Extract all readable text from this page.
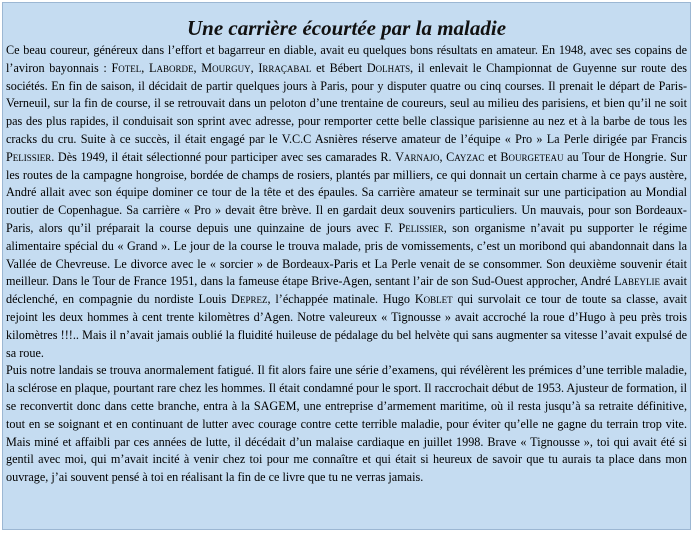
Une carrière écourtée par la maladie

Ce beau coureur, généreux dans l’effort et bagarreur en diable, avait eu quelques bons résultats en amateur. En 1948, avec ses copains de l’aviron bayonnais : Fotel, Laborde, Mourguy, Irraçabal et Bébert Dolhats, il enlevait le Championnat de Guyenne sur route des sociétés. En fin de saison, il décidait de partir quelques jours à Paris, pour y disputer quatre ou cinq courses. Il prenait le départ de Paris-Verneuil, sur la fin de course, il se retrouvait dans un peloton d’une trentaine de coureurs, seul au milieu des parisiens, et bien qu’il ne soit pas des plus rapides, il conduisait son sprint avec adresse, pour remporter cette belle classique parisienne au nez et à la barbe de tous les cracks du cru. Suite à ce succès, il était engagé par le V.C.C Asnières réserve amateur de l’équipe « Pro » La Perle dirigée par Francis Pelissier. Dès 1949, il était sélectionné pour participer avec ses camarades R. Varnajo, Cayzac et Bourgeteau au Tour de Hongrie. Sur les routes de la campagne hongroise, bordée de champs de rosiers, plantés par milliers, ce qui donnait un certain charme à ce pays austère, André allait avec son équipe dominer ce tour de la tête et des épaules. Sa carrière amateur se terminait sur une participation au Mondial routier de Copenhague. Sa carrière « Pro » devait être brève. Il en gardait deux souvenirs particuliers. Un mauvais, pour son Bordeaux-Paris, alors qu’il préparait la course depuis une quinzaine de jours avec F. Pelissier, son organisme n’avait pu supporter le régime alimentaire spécial du « Grand ». Le jour de la course le trouva malade, pris de vomissements, c’est un moribond qui abandonnait dans la Vallée de Chevreuse. Le divorce avec le « sorcier » de Bordeaux-Paris et La Perle venait de se consommer. Son deuxième souvenir était meilleur. Dans le Tour de France 1951, dans la fameuse étape Brive-Agen, sentant l’air de son Sud-Ouest approcher, André Labeylie avait déclenché, en compagnie du nordiste Louis Deprez, l’échappée matinale. Hugo Koblet qui survolait ce tour de toute sa classe, avait rejoint les deux hommes à cent trente kilomètres d’Agen. Notre valeureux « Tignousse » avait accroché la roue d’Hugo à peu près trois kilomètres !!!.. Mais il n’avait jamais oublié la fluidité huileuse de pédalage du bel helvète qui sans augmenter sa vitesse l’avait expulsé de sa roue.

Puis notre landais se trouva anormalement fatigué. Il fit alors faire une série d’examens, qui révélèrent les prémices d’une terrible maladie, la sclérose en plaque, pourtant rare chez les hommes. Il était condamné pour le sport. Il raccrochait début de 1953. Ajusteur de formation, il se reconvertit donc dans cette branche, entra à la SAGEM, une entreprise d’armement maritime, où il resta jusqu’à sa retraite définitive, tout en se soignant et en continuant de lutter avec courage contre cette terrible maladie, pour éviter qu’elle ne gagne du terrain trop vite. Mais miné et affaibli par ces années de lutte, il décédait d’un malaise cardiaque en juillet 1998. Brave « Tignousse », toi qui avait été si gentil avec moi, qui m’avait incité à venir chez toi pour me connaître et qui était si heureux de savoir que tu aurais ta place dans mon ouvrage, j’ai souvent pensé à toi en réalisant la fin de ce livre que tu ne verras jamais.
